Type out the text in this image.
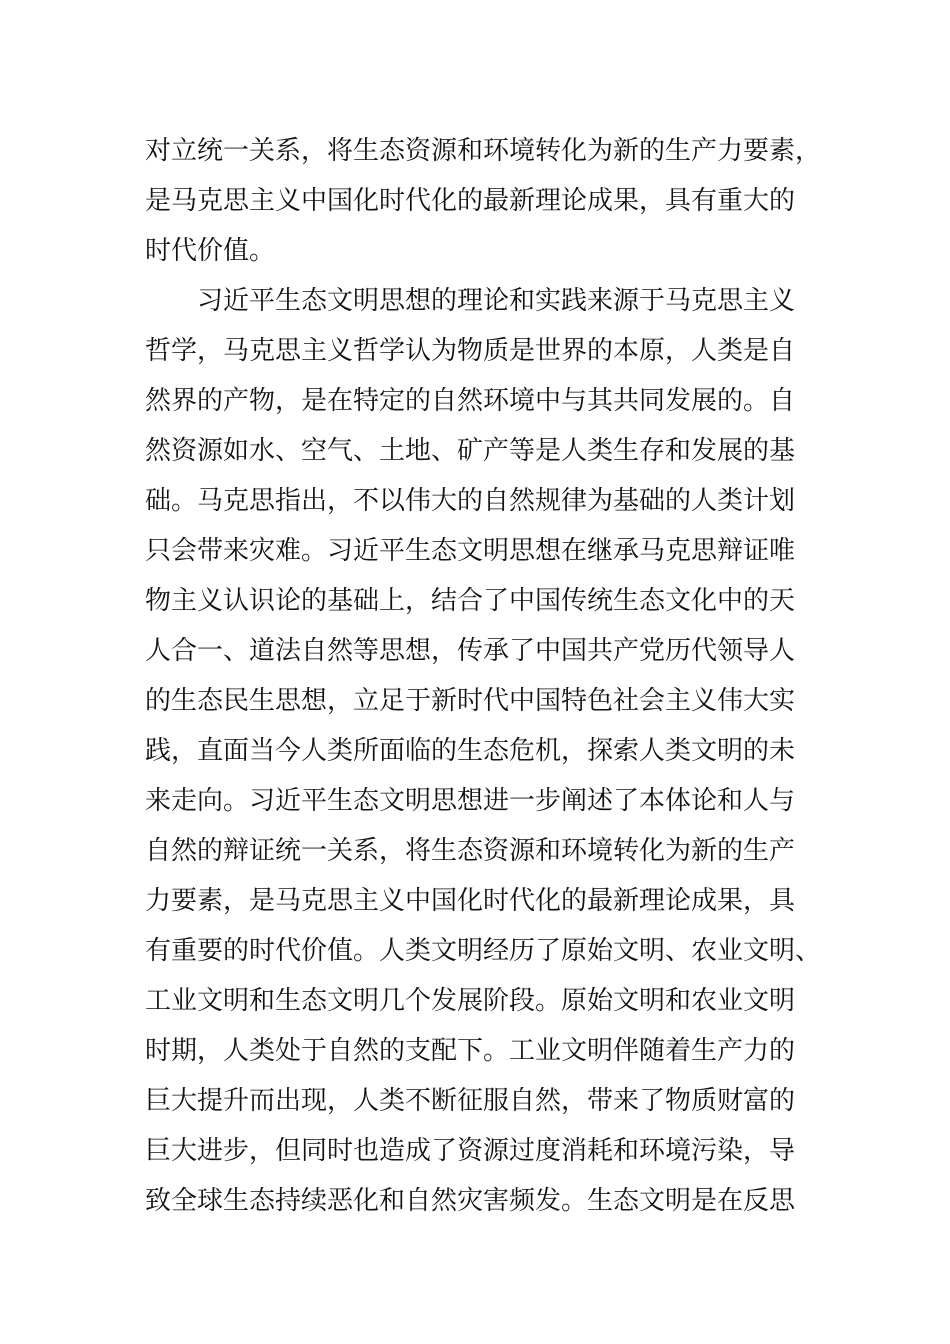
对立统一关系，将生态资源和环境转化为新的生产力要素，
是马克思主义中国化时代化的最新理论成果，具有重大的
时代价值。
习近平生态文明思想的理论和实践来源于马克思主义
哲学，马克思主义哲学认为物质是世界的本原，人类是自
然界的产物，是在特定的自然环境中与其共同发展的。自
然资源如水、空气、土地、矿产等是人类生存和发展的基
础。马克思指出，不以伟大的自然规律为基础的人类计划
只会带来灾难。习近平生态文明思想在继承马克思辩证唯
物主义认识论的基础上，结合了中国传统生态文化中的天
人合一、道法自然等思想，传承了中国共产党历代领导人
的生态民生思想，立足于新时代中国特色社会主义伟大实
践，直面当今人类所面临的生态危机，探索人类文明的未
来走向。习近平生态文明思想进一步阐述了本体论和人与
自然的辩证统一关系，将生态资源和环境转化为新的生产
力要素，是马克思主义中国化时代化的最新理论成果，具
有重要的时代价值。人类文明经历了原始文明、农业文明、
工业文明和生态文明几个发展阶段。原始文明和农业文明
时期，人类处于自然的支配下。工业文明伴随着生产力的
巨大提升而出现，人类不断征服自然，带来了物质财富的
巨大进步，但同时也造成了资源过度消耗和环境污染，导
致全球生态持续恶化和自然灾害频发。生态文明是在反思
